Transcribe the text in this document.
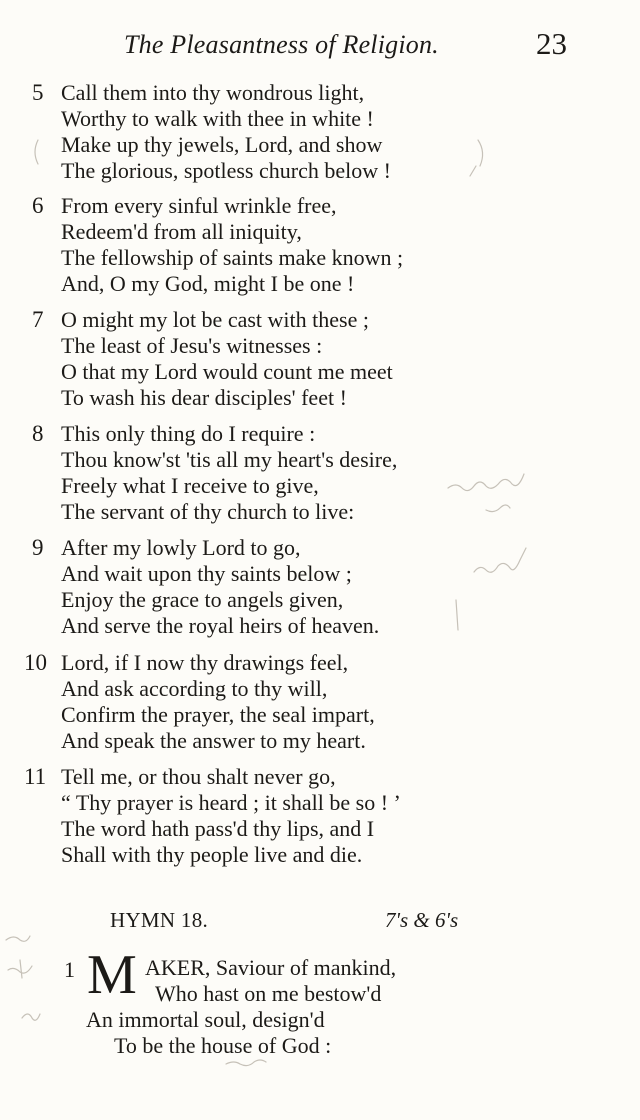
The Pleasantness of Religion.	23
5 Call them into thy wondrous light,
Worthy to walk with thee in white !
Make up thy jewels, Lord, and show
The glorious, spotless church below !
6 From every sinful wrinkle free,
Redeem'd from all iniquity,
The fellowship of saints make known ;
And, O my God, might I be one !
7 O might my lot be cast with these ;
The least of Jesu's witnesses :
O that my Lord would count me meet
To wash his dear disciples' feet !
8 This only thing do I require :
Thou know'st 'tis all my heart's desire,
Freely what I receive to give,
The servant of thy church to live:
9 After my lowly Lord to go,
And wait upon thy saints below ;
Enjoy the grace to angels given,
And serve the royal heirs of heaven.
10 Lord, if I now thy drawings feel,
And ask according to thy will,
Confirm the prayer, the seal impart,
And speak the answer to my heart.
11 Tell me, or thou shalt never go,
“ Thy prayer is heard ; it shall be so ! ’
The word hath pass'd thy lips, and I
Shall with thy people live and die.
HYMN 18.	7's & 6's
1 M AKER, Saviour of mankind,
Who hast on me bestow'd
An immortal soul, design'd
To be the house of God :
